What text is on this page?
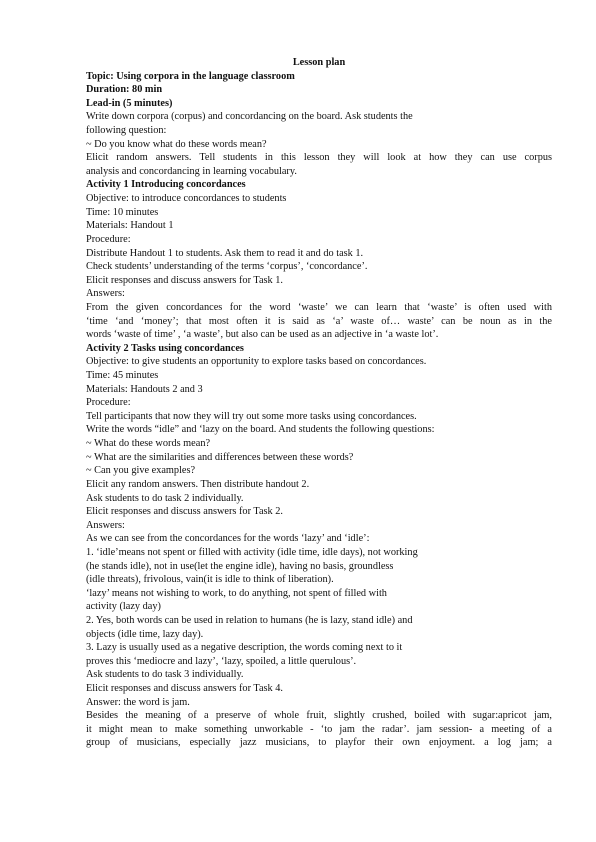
Lesson plan
Topic: Using corpora in the language classroom
Duration: 80 min
Lead-in (5 minutes)
Write down corpora (corpus) and concordancing on the board. Ask students the
following question:
~ Do you know what do these words mean?
Elicit random answers. Tell students in this lesson they will look at how they can use corpus
analysis and concordancing in learning vocabulary.
Activity 1 Introducing concordances
Objective: to introduce concordances to students
Time: 10 minutes
Materials: Handout 1
Procedure:
Distribute Handout 1 to students. Ask them to read it and do task 1.
Check students’ understanding of the terms ‘corpus’, ‘concordance’.
Elicit responses and discuss answers for Task 1.
Answers:
From the given concordances for the word ‘waste’ we can learn that ‘waste’ is often used with
‘time ‘and ‘money’; that most often it is said as ‘a’ waste of… waste’ can be noun as in the
words ‘waste of time’ , ‘a waste’, but also can be used as an adjective in ‘a waste lot’.
Activity 2 Tasks using concordances
Objective: to give students an opportunity to explore tasks based on concordances.
Time: 45 minutes
Materials: Handouts 2 and 3
Procedure:
Tell participants that now they will try out some more tasks using concordances.
Write the words “idle” and ‘lazy on the board. And students the following questions:
~ What do these words mean?
~ What are the similarities and differences between these words?
~ Can you give examples?
Elicit any random answers. Then distribute handout 2.
Ask students to do task 2 individually.
Elicit responses and discuss answers for Task 2.
Answers:
As we can see from the concordances for the words ‘lazy’ and ‘idle’:
1. ‘idle’means not spent or filled with activity (idle time, idle days), not working
(he stands idle), not in use(let the engine idle), having no basis, groundless
(idle threats), frivolous, vain(it is idle to think of liberation).
‘lazy’ means not wishing to work, to do anything, not spent of filled with
activity (lazy day)
2. Yes, both words can be used in relation to humans (he is lazy, stand idle) and
objects (idle time, lazy day).
3. Lazy is usually used as a negative description, the words coming next to it
proves this ‘mediocre and lazy’, ‘lazy, spoiled, a little querulous’.
Ask students to do task 3 individually.
Elicit responses and discuss answers for Task 4.
Answer: the word is jam.
Besides the meaning of a preserve of whole fruit, slightly crushed, boiled with sugar:apricot jam,
it might mean to make something unworkable - ‘to jam the radar’. jam session- a meeting of a
group of musicians, especially jazz musicians, to playfor their own enjoyment. a log jam; a
